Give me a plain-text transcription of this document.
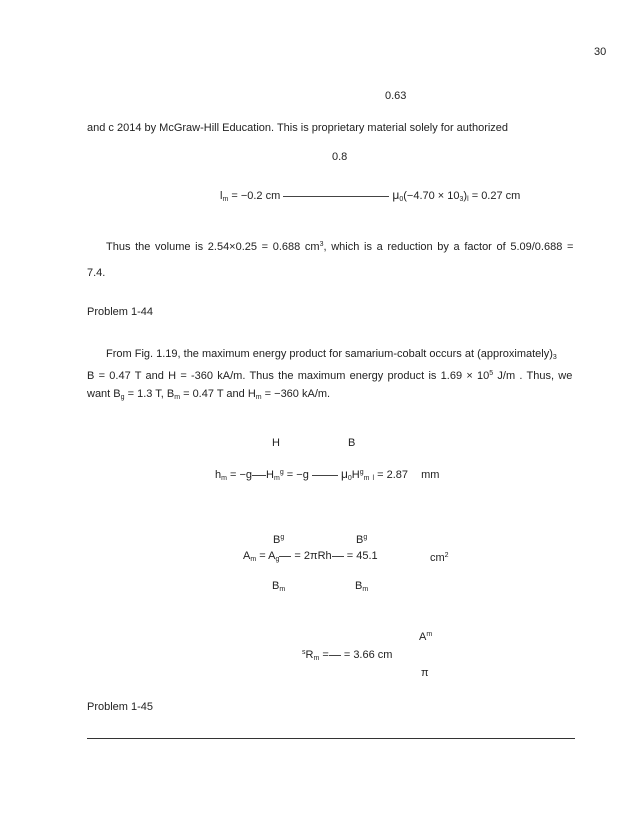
30
0.63
and c 2014 by McGraw-Hill Education. This is proprietary material solely for authorized
0.8
$l_m = -0.2$ cm	$\mu_0(-4.70 \times 10_3)_l = 0.27$ cm
Thus the volume is 2.54×0.25 = 0.688 $cm^3$, which is a reduction by a factor of 5.09/0.688 =
7.4.
Problem 1-44
From Fig. 1.19, the maximum energy product for samarium-cobalt occurs at $(approximately)_3$
B = 0.47 T and H = -360 kA/m. Thus the maximum energy product is $1.69 \times 10^5$ J/m . Thus, we
want $B_g = 1.3$ T, $B_m = 0.47$ T and $H_m = -360$ kA/m.
H	B
$h_m = -g$ $H_m^g = -g$	$\mu_0H^g_m$ $_l$ = 2.87 mm
$B^g$	$B^g$
$A_m = A_g = 2\pi Rh = 45.1$	$cm^2$
$B_m$	$B_m$
$A^m$
$^sR_m$ = = 3.66 cm
π
Problem 1-45
